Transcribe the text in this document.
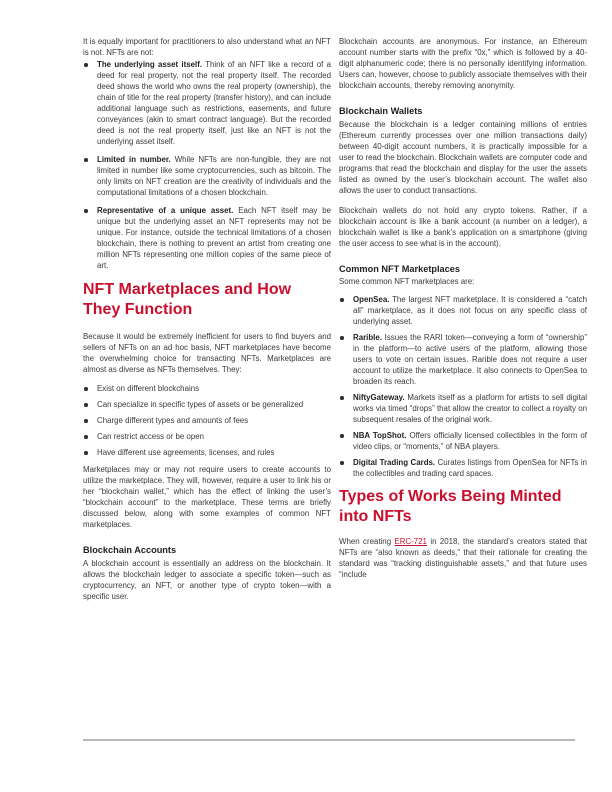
It is equally important for practitioners to also understand what an NFT is not. NFTs are not:

The underlying asset itself. Think of an NFT like a record of a deed for real property, not the real property itself. The recorded deed shows the world who owns the real property (ownership), the chain of title for the real property (transfer history), and can include additional language such as restrictions, easements, and future conveyances (akin to smart contract language). But the recorded deed is not the real property itself, just like an NFT is not the underlying asset itself.
Limited in number. While NFTs are non-fungible, they are not limited in number like some cryptocurrencies, such as bitcoin. The only limits on NFT creation are the creativity of individuals and the computational limitations of a chosen blockchain.
Representative of a unique asset. Each NFT itself may be unique but the underlying asset an NFT represents may not be unique. For instance, outside the technical limitations of a chosen blockchain, there is nothing to prevent an artist from creating one million NFTs representing one million copies of the same piece of art.
NFT Marketplaces and How They Function

Because it would be extremely inefficient for users to find buyers and sellers of NFTs on an ad hoc basis, NFT marketplaces have become the overwhelming choice for transacting NFTs. Marketplaces are almost as diverse as NFTs themselves. They:

Exist on different blockchains
Can specialize in specific types of assets or be generalized
Charge different types and amounts of fees
Can restrict access or be open
Have different use agreements, licenses, and rules

Marketplaces may or may not require users to create accounts to utilize the marketplace. They will, however, require a user to link his or her “blockchain wallet,” which has the effect of linking the user’s “blockchain account” to the marketplace. These terms are briefly discussed below, along with some examples of common NFT marketplaces.

Blockchain Accounts

A blockchain account is essentially an address on the blockchain. It allows the blockchain ledger to associate a specific token—such as cryptocurrency, an NFT, or another type of crypto token—with a specific user.

Blockchain accounts are anonymous. For instance, an Ethereum account number starts with the prefix “0x,” which is followed by a 40-digit alphanumeric code; there is no personally identifying information. Users can, however, choose to publicly associate themselves with their blockchain accounts, thereby removing anonymity.

Blockchain Wallets

Because the blockchain is a ledger containing millions of entries (Ethereum currently processes over one million transactions daily) between 40-digit account numbers, it is practically impossible for a user to read the blockchain. Blockchain wallets are computer code and programs that read the blockchain and display for the user the assets listed as owned by the user’s blockchain account. The wallet also allows the user to conduct transactions.

Blockchain wallets do not hold any crypto tokens. Rather, if a blockchain account is like a bank account (a number on a ledger), a blockchain wallet is like a bank’s application on a smartphone (giving the user access to see what is in the account).

Common NFT Marketplaces

Some common NFT marketplaces are:

OpenSea. The largest NFT marketplace. It is considered a “catch all” marketplace, as it does not focus on any specific class of underlying asset.
Rarible. Issues the RARI token—conveying a form of “ownership” in the platform—to active users of the platform, allowing those users to vote on certain issues. Rarible does not require a user account to utilize the marketplace. It also connects to OpenSea to broaden its reach.
NiftyGateway. Markets itself as a platform for artists to sell digital works via timed “drops” that allow the creator to collect a royalty on subsequent resales of the original work.
NBA TopShot. Offers officially licensed collectibles in the form of video clips, or “moments,” of NBA players.
Digital Trading Cards. Curates listings from OpenSea for NFTs in the collectibles and trading card spaces.
Types of Works Being Minted into NFTs

When creating ERC-721 in 2018, the standard’s creators stated that NFTs are “also known as deeds,” that their rationale for creating the standard was “tracking distinguishable assets,” and that future uses “include
